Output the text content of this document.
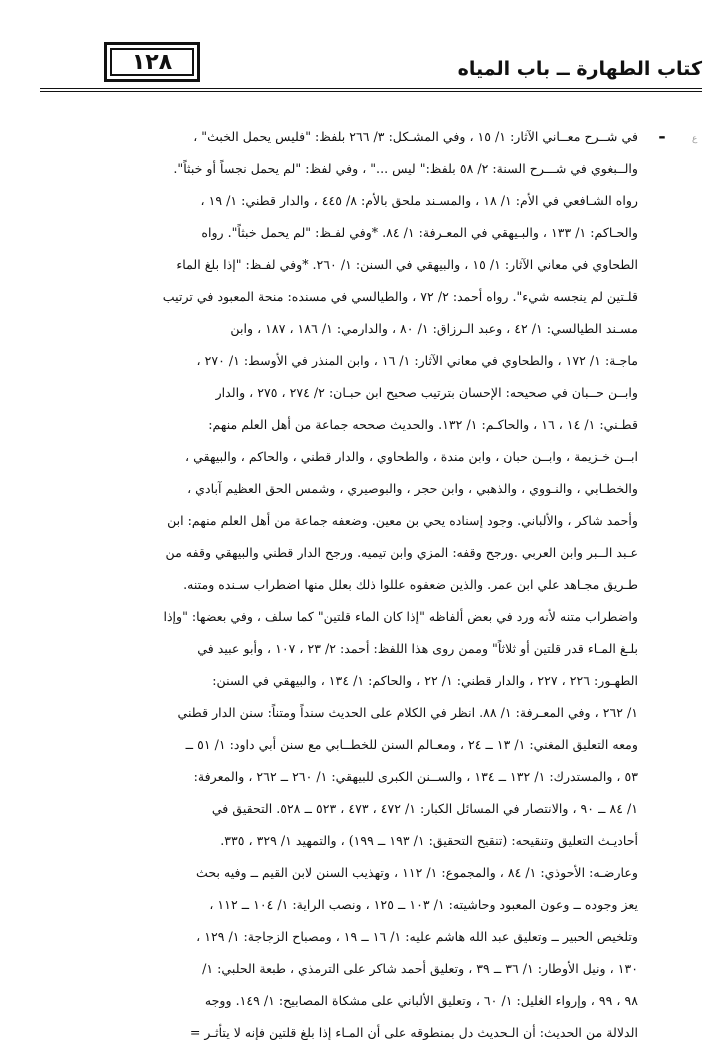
١٢٨	كتاب الطهارة ــ باب المياه
-	ع
في شــرح معــاني الآثار: ١/ ١٥ ، وفي المشـكل: ٣/ ٢٦٦ بلفظ: "فليس يحمل الخبث" ،
والــبغوي في شـــرح السنة: ٢/ ٥٨ بلفظ:" ليس ..." ، وفي لفظ: "لم يحمل نجساً أو خبثاً".
رواه الشـافعي في الأم: ١/ ١٨ ، والمسـند ملحق بالأم: ٨/ ٤٤٥ ، والدار قطني: ١/ ١٩ ،
والحـاكم: ١/ ١٣٣ ، والبـيهقي في المعـرفة: ١/ ٨٤. *وفي لفـظ: "لم يحمل خبثاً". رواه
الطحاوي في معاني الآثار: ١/ ١٥ ، والبيهقي في السنن: ١/ ٢٦٠. *وفي لفـظ: "إذا بلغ الماء
قلـتين لم ينجسه شيء". رواه أحمد: ٢/ ٧٢ ، والطيالسي في مسنده: منحة المعبود في ترتيب
مسـند الطيالسي: ١/ ٤٢ ، وعبد الـرزاق: ١/ ٨٠ ، والدارمي: ١/ ١٨٦ ، ١٨٧ ، وابن
ماجـة: ١/ ١٧٢ ، والطحاوي في معاني الآثار: ١/ ١٦ ، وابن المنذر في الأوسط: ١/ ٢٧٠ ،
وابــن حــبان في صحيحه: الإحسان بترتيب صحيح ابن حبـان: ٢/ ٢٧٤ ، ٢٧٥ ، والدار
قطـني: ١/ ١٤ ، ١٦ ، والحاكـم: ١/ ١٣٢. والحديث صححه جماعة من أهل العلم منهم:
ابــن خـزيمة ، وابــن حبان ، وابن مندة ، والطحاوي ، والدار قطني ، والحاكم ، والبيهقي ،
والخطـابي ، والنـووي ، والذهبي ، وابن حجر ، والبوصيري ، وشمس الحق العظيم آبادي ،
وأحمد شاكر ، والألباني. وجود إسناده يحي بن معين. وضعفه جماعة من أهل العلم منهم: ابن
عـبد الــبر وابن العربي .ورجح وقفه: المزي وابن تيميه. ورجح الدار قطني والبيهقي وقفه من
طـريق مجـاهد علي ابن عمر. والذين ضعفوه عللوا ذلك بعلل منها اضطراب سـنده ومتنه.
واضطراب متنه لأنه ورد في بعض ألفاظه "إذا كان الماء قلتين" كما سلف ، وفي بعضها: "وإذا
بلـغ المـاء قدر قلتين أو ثلاثاً" وممن روى هذا اللفظ: أحمد: ٢/ ٢٣ ، ١٠٧ ، وأبو عبيد في
الطهـور: ٢٢٦ ، ٢٢٧ ، والدار قطني: ١/ ٢٢ ، والحاكم: ١/ ١٣٤ ، والبيهقي في السنن:
١/ ٢٦٢ ، وفي المعـرفة: ١/ ٨٨. انظر في الكلام على الحديث سنداً ومتناً: سنن الدار قطني
ومعه التعليق المغني: ١/ ١٣ ــ ٢٤ ، ومعـالم السنن للخطــابي مع سنن أبي داود: ١/ ٥١ ــ
٥٣ ، والمستدرك: ١/ ١٣٢ ــ ١٣٤ ، والســنن الكبرى للبيهقي: ١/ ٢٦٠ ــ ٢٦٢ ، والمعرفة:
١/ ٨٤ ــ ٩٠ ، والانتصار في المسائل الكبار: ١/ ٤٧٢ ، ٤٧٣ ، ٥٢٣ ــ ٥٢٨. التحقيق في
أحاديـث التعليق وتنقيحه: (تنقيح التحقيق: ١/ ١٩٣ ــ ١٩٩) ، والتمهيد ١/ ٣٢٩ ، ٣٣٥.
وعارضـه: الأحوذي: ١/ ٨٤ ، والمجموع: ١/ ١١٢ ، وتهذيب السنن لابن القيم ــ وفيه بحث
يعز وجوده ــ وعون المعبود وحاشيته: ١/ ١٠٣ ــ ١٢٥ ، ونصب الراية: ١/ ١٠٤ ــ ١١٢ ،
وتلخيص الحبير ــ وتعليق عبد الله هاشم عليه: ١/ ١٦ ــ ١٩ ، ومصباح الزجاجة: ١/ ١٢٩ ،
١٣٠ ، ونيل الأوطار: ١/ ٣٦ ــ ٣٩ ، وتعليق أحمد شاكر على الترمذي ، طبعة الحلبي: ١/
٩٨ ، ٩٩ ، وإرواء الغليل: ١/ ٦٠ ، وتعليق الألباني على مشكاة المصابيح: ١/ ١٤٩. ووجه
الدلالة من الحديث: أن الـحديث دل بمنطوقه على أن المـاء إذا بلغ قلتين فإنه لا يتأثـر =
